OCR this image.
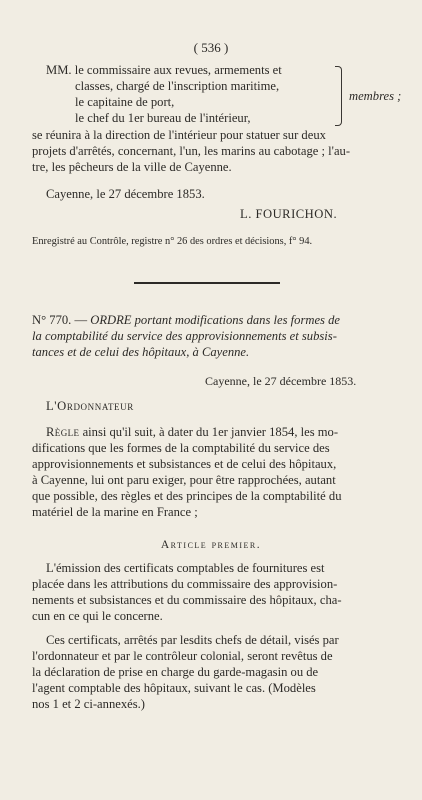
( 536 )
MM. le commissaire aux revues, armements et
classes, chargé de l'inscription maritime,
le capitaine de port,
le chef du 1er bureau de l'intérieur,
membres ;
se réunira à la direction de l'intérieur pour statuer sur deux
projets d'arrêtés, concernant, l'un, les marins au cabotage ; l'au-
tre, les pêcheurs de la ville de Cayenne.
Cayenne, le 27 décembre 1853.
L. FOURICHON.
Enregistré au Contrôle, registre n° 26 des ordres et décisions, f° 94.
N° 770. — ORDRE portant modifications dans les formes de
la comptabilité du service des approvisionnements et subsis-
tances et de celui des hôpitaux, à Cayenne.
Cayenne, le 27 décembre 1853.
L'Ordonnateur
Règle ainsi qu'il suit, à dater du 1er janvier 1854, les mo-
difications que les formes de la comptabilité du service des
approvisionnements et subsistances et de celui des hôpitaux,
à Cayenne, lui ont paru exiger, pour être rapprochées, autant
que possible, des règles et des principes de la comptabilité du
matériel de la marine en France ;
Article premier.
L'émission des certificats comptables de fournitures est
placée dans les attributions du commissaire des approvision-
nements et subsistances et du commissaire des hôpitaux, cha-
cun en ce qui le concerne.
Ces certificats, arrêtés par lesdits chefs de détail, visés par
l'ordonnateur et par le contrôleur colonial, seront revêtus de
la déclaration de prise en charge du garde-magasin ou de
l'agent comptable des hôpitaux, suivant le cas. (Modèles
nos 1 et 2 ci-annexés.)
